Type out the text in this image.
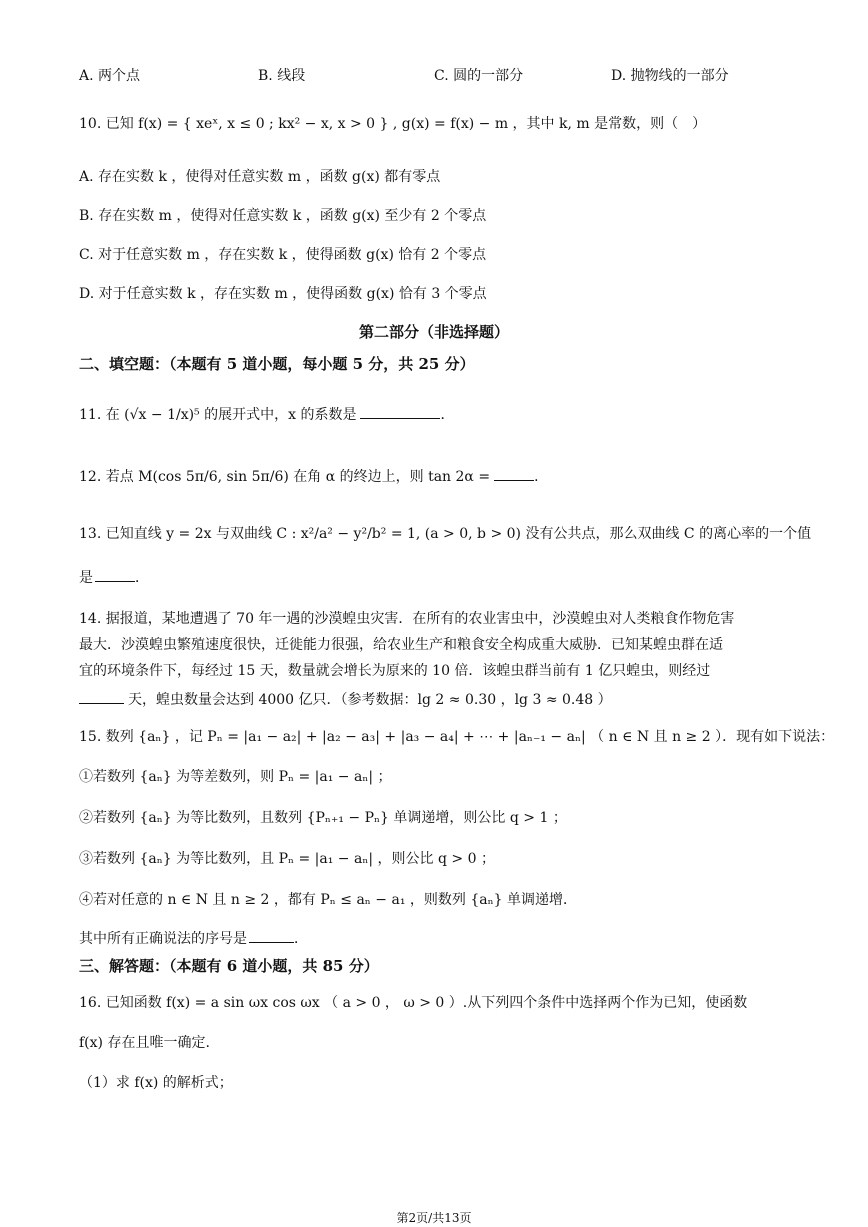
A. 两个点	B. 线段	C. 圆的一部分	D. 抛物线的一部分
10. 已知 f(x) = { xeˣ, x ≤ 0 ; kx² − x, x > 0 } , g(x) = f(x) − m ，其中 k, m 是常数，则（　）
A. 存在实数 k ，使得对任意实数 m ，函数 g(x) 都有零点
B. 存在实数 m ，使得对任意实数 k ，函数 g(x) 至少有 2 个零点
C. 对于任意实数 m ，存在实数 k ，使得函数 g(x) 恰有 2 个零点
D. 对于任意实数 k ，存在实数 m ，使得函数 g(x) 恰有 3 个零点
第二部分（非选择题）
二、填空题：（本题有 5 道小题，每小题 5 分，共 25 分）
11. 在 (√x − 1/x)⁵ 的展开式中，x 的系数是	．
12. 若点 M(cos 5π/6, sin 5π/6) 在角 α 的终边上，则 tan 2α =	．
13. 已知直线 y = 2x 与双曲线 C : x²/a² − y²/b² = 1, (a > 0, b > 0) 没有公共点，那么双曲线 C 的离心率的一个值
是	．
14. 据报道，某地遭遇了 70 年一遇的沙漠蝗虫灾害．在所有的农业害虫中，沙漠蝗虫对人类粮食作物危害
最大．沙漠蝗虫繁殖速度很快，迁徙能力很强，给农业生产和粮食安全构成重大威胁．已知某蝗虫群在适
宜的环境条件下，每经过 15 天，数量就会增长为原来的 10 倍．该蝗虫群当前有 1 亿只蝗虫，则经过
天，蝗虫数量会达到 4000 亿只．（参考数据：lg 2 ≈ 0.30 ，lg 3 ≈ 0.48 ）
15. 数列 {aₙ} ，记 Pₙ = |a₁ − a₂| + |a₂ − a₃| + |a₃ − a₄| + ⋯ + |aₙ₋₁ − aₙ| （ n ∈ N 且 n ≥ 2 ）．现有如下说法：
①若数列 {aₙ} 为等差数列，则 Pₙ = |a₁ − aₙ| ；
②若数列 {aₙ} 为等比数列，且数列 {Pₙ₊₁ − Pₙ} 单调递增，则公比 q > 1 ；
③若数列 {aₙ} 为等比数列，且 Pₙ = |a₁ − aₙ| ，则公比 q > 0 ；
④若对任意的 n ∈ N 且 n ≥ 2 ，都有 Pₙ ≤ aₙ − a₁ ，则数列 {aₙ} 单调递增．
其中所有正确说法的序号是	．
三、解答题：（本题有 6 道小题，共 85 分）
16. 已知函数 f(x) = a sin ωx cos ωx （ a > 0 ， ω > 0 ）.从下列四个条件中选择两个作为已知，使函数
f(x) 存在且唯一确定.
（1）求 f(x) 的解析式；
第2页/共13页
